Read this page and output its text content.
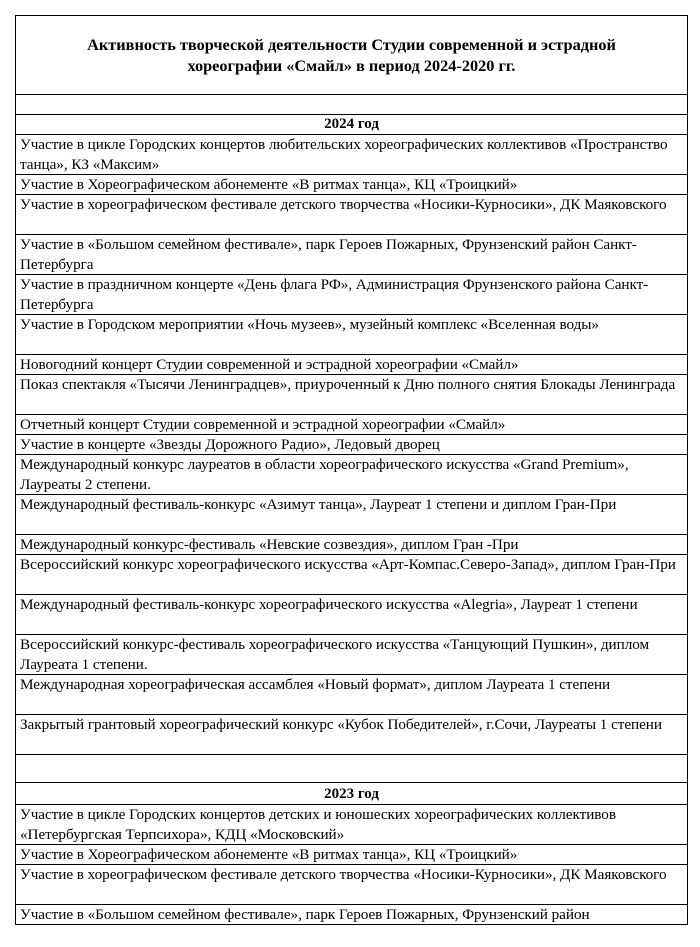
Активность творческой деятельности Студии современной и эстрадной
хореографии «Смайл» в период 2024-2020 гг.
2024 год
Участие в цикле Городских концертов любительских хореографических коллективов «Пространство танца», КЗ «Максим»
Участие в Хореографическом абонементе «В ритмах танца», КЦ «Троицкий»
Участие в хореографическом фестивале детского творчества «Носики-Курносики», ДК Маяковского
Участие в «Большом семейном фестивале», парк Героев Пожарных, Фрунзенский район Санкт-Петербурга
Участие в праздничном концерте «День флага РФ», Администрация Фрунзенского района Санкт-Петербурга
Участие в Городском мероприятии «Ночь музеев», музейный комплекс «Вселенная воды»
Новогодний концерт Студии современной и эстрадной хореографии «Смайл»
Показ спектакля «Тысячи Ленинградцев», приуроченный к Дню полного снятия Блокады Ленинграда
Отчетный концерт Студии современной и эстрадной хореографии «Смайл»
Участие в концерте «Звезды Дорожного Радио», Ледовый дворец
Международный конкурс лауреатов в области хореографического искусства «Grand Premium», Лауреаты 2 степени.
Международный фестиваль-конкурс «Азимут танца», Лауреат 1 степени и диплом Гран-При
Международный конкурс-фестиваль «Невские созвездия», диплом Гран -При
Всероссийский конкурс хореографического искусства «Арт-Компас.Северо-Запад», диплом Гран-При
Международный фестиваль-конкурс хореографического искусства «Alegria», Лауреат 1 степени
Всероссийский конкурс-фестиваль хореографического искусства «Танцующий Пушкин», диплом Лауреата 1 степени.
Международная хореографическая ассамблея «Новый формат», диплом Лауреата 1 степени
Закрытый грантовый хореографический конкурс «Кубок Победителей», г.Сочи, Лауреаты 1 степени
2023 год
Участие в цикле Городских концертов детских и юношеских хореографических коллективов «Петербургская Терпсихора», КДЦ «Московский»
Участие в Хореографическом абонементе «В ритмах танца», КЦ «Троицкий»
Участие в хореографическом фестивале детского творчества «Носики-Курносики», ДК Маяковского
Участие в «Большом семейном фестивале», парк Героев Пожарных, Фрунзенский район
